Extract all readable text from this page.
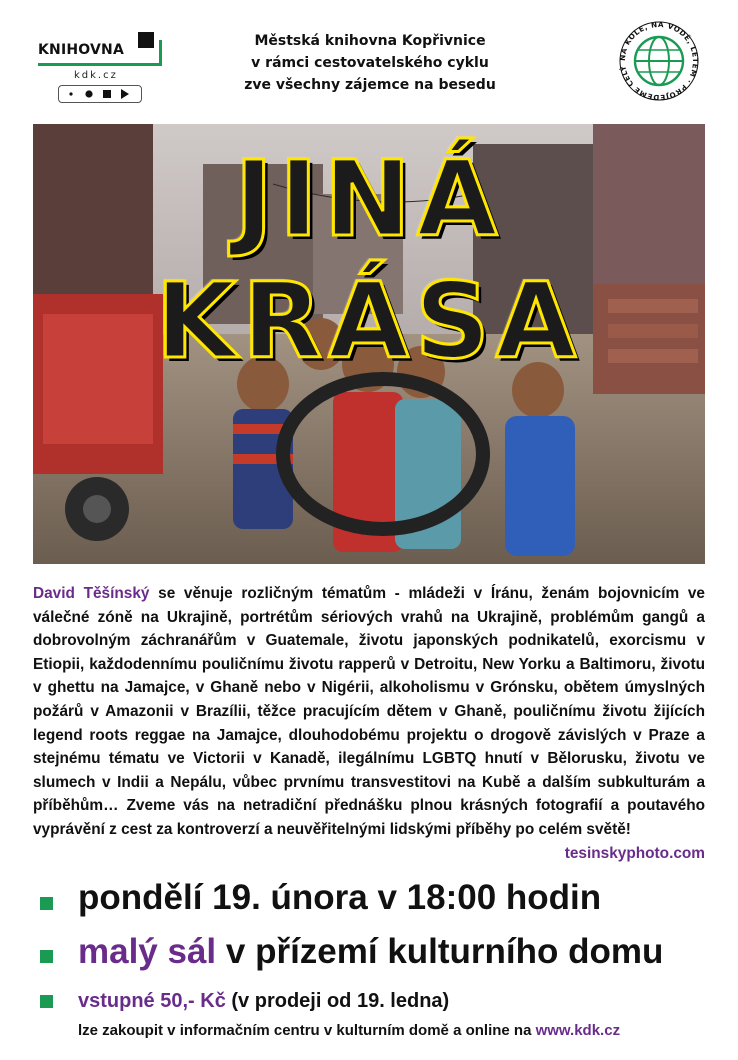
KNIHOVNA
kdk.cz
Městská knihovna Kopřivnice
v rámci cestovatelského cyklu
zve všechny zájemce na besedu
NA KOLE, NA VODĚ, LETEM · PROJEDEME CELÝ
JINÁ KRÁSA
David Těšínský se věnuje rozličným tématům - mládeži v Íránu, ženám bojovnicím ve válečné zóně na Ukrajině, portrétům sériových vrahů na Ukrajině, problémům gangů a dobrovolným záchranářům v Guatemale, životu japonských podnikatelů, exorcismu v Etiopii, každodennímu pouličnímu životu rapperů v Detroitu, New Yorku a Baltimoru, životu v ghettu na Jamajce, v Ghaně nebo v Nigérii, alkoholismu v Grónsku, obětem úmyslných požárů v Amazonii v Brazílii, těžce pracujícím dětem v Ghaně, pouličnímu životu žijících legend roots reggae na Jamajce, dlouhodobému projektu o drogově závislých v Praze a stejnému tématu ve Victorii v Kanadě, ilegálnímu LGBTQ hnutí v Bělorusku, životu ve slumech v Indii a Nepálu, vůbec prvnímu transvestitovi na Kubě a dalším subkulturám a příběhům… Zveme vás na netradiční přednášku plnou krásných fotografií a poutavého vyprávění z cest za kontroverzí a neuvěřitelnými lidskými příběhy po celém světě!
tesinskyphoto.com
pondělí 19. února v 18:00 hodin
malý sál v přízemí kulturního domu
vstupné 50,- Kč (v prodeji od 19. ledna)
lze zakoupit v informačním centru v kulturním domě a online na www.kdk.cz
